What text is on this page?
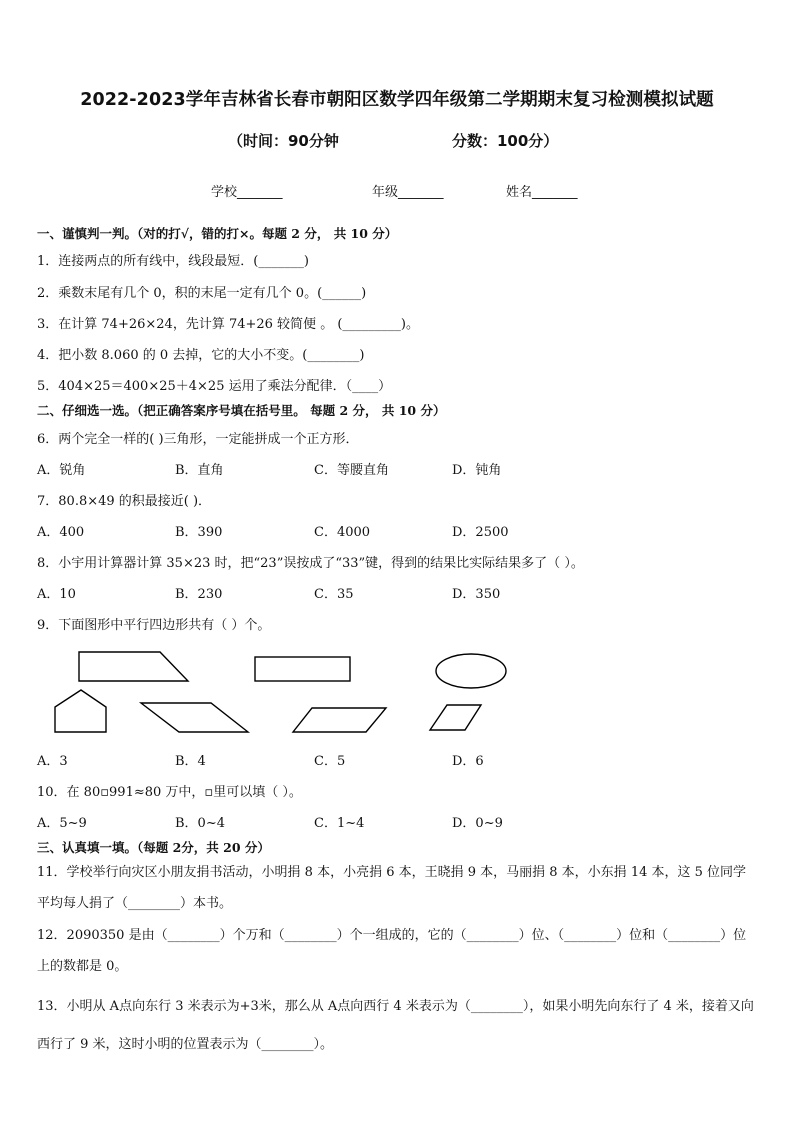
2022-2023学年吉林省长春市朝阳区数学四年级第二学期期末复习检测模拟试题
（时间：90分钟	分数：100分）
学校_______	年级_______	姓名_______
一、谨慎判一判。（对的打√，错的打×。每题 2 分， 共 10 分）
1．连接两点的所有线中，线段最短．(_______)
2．乘数末尾有几个 0，积的末尾一定有几个 0。(______)
3．在计算 74+26×24，先计算 74+26 较简便 。 (_________)。
4．把小数 8.060 的 0 去掉，它的大小不变。(________)
5．404×25＝400×25＋4×25 运用了乘法分配律．（____）
二、仔细选一选。（把正确答案序号填在括号里。 每题 2 分， 共 10 分）
6．两个完全一样的( )三角形，一定能拼成一个正方形．
A．锐角	B．直角	C．等腰直角	D．钝角
7．80.8×49 的积最接近( )．
A．400	B．390	C．4000	D．2500
8．小宇用计算器计算 35×23 时，把“23”误按成了“33”键，得到的结果比实际结果多了（ ）。
A．10	B．230	C．35	D．350
9．下面图形中平行四边形共有（ ）个。
A．3	B．4	C．5	D．6
10．在 80▫991≈80 万中，▫里可以填（ ）。
A．5~9	B．0~4	C．1~4	D．0~9
三、认真填一填。（每题 2分，共 20 分）
11．学校举行向灾区小朋友捐书活动，小明捐 8 本，小亮捐 6 本，王晓捐 9 本，马丽捐 8 本，小东捐 14 本，这 5 位同学平均每人捐了（________）本书。
12．2090350 是由（________）个万和（________）个一组成的，它的（________）位、（________）位和（________）位上的数都是 0。
13．小明从 A点向东行 3 米表示为+3米，那么从 A点向西行 4 米表示为（________），如果小明先向东行了 4 米，接着又向西行了 9 米，这时小明的位置表示为（________）。
